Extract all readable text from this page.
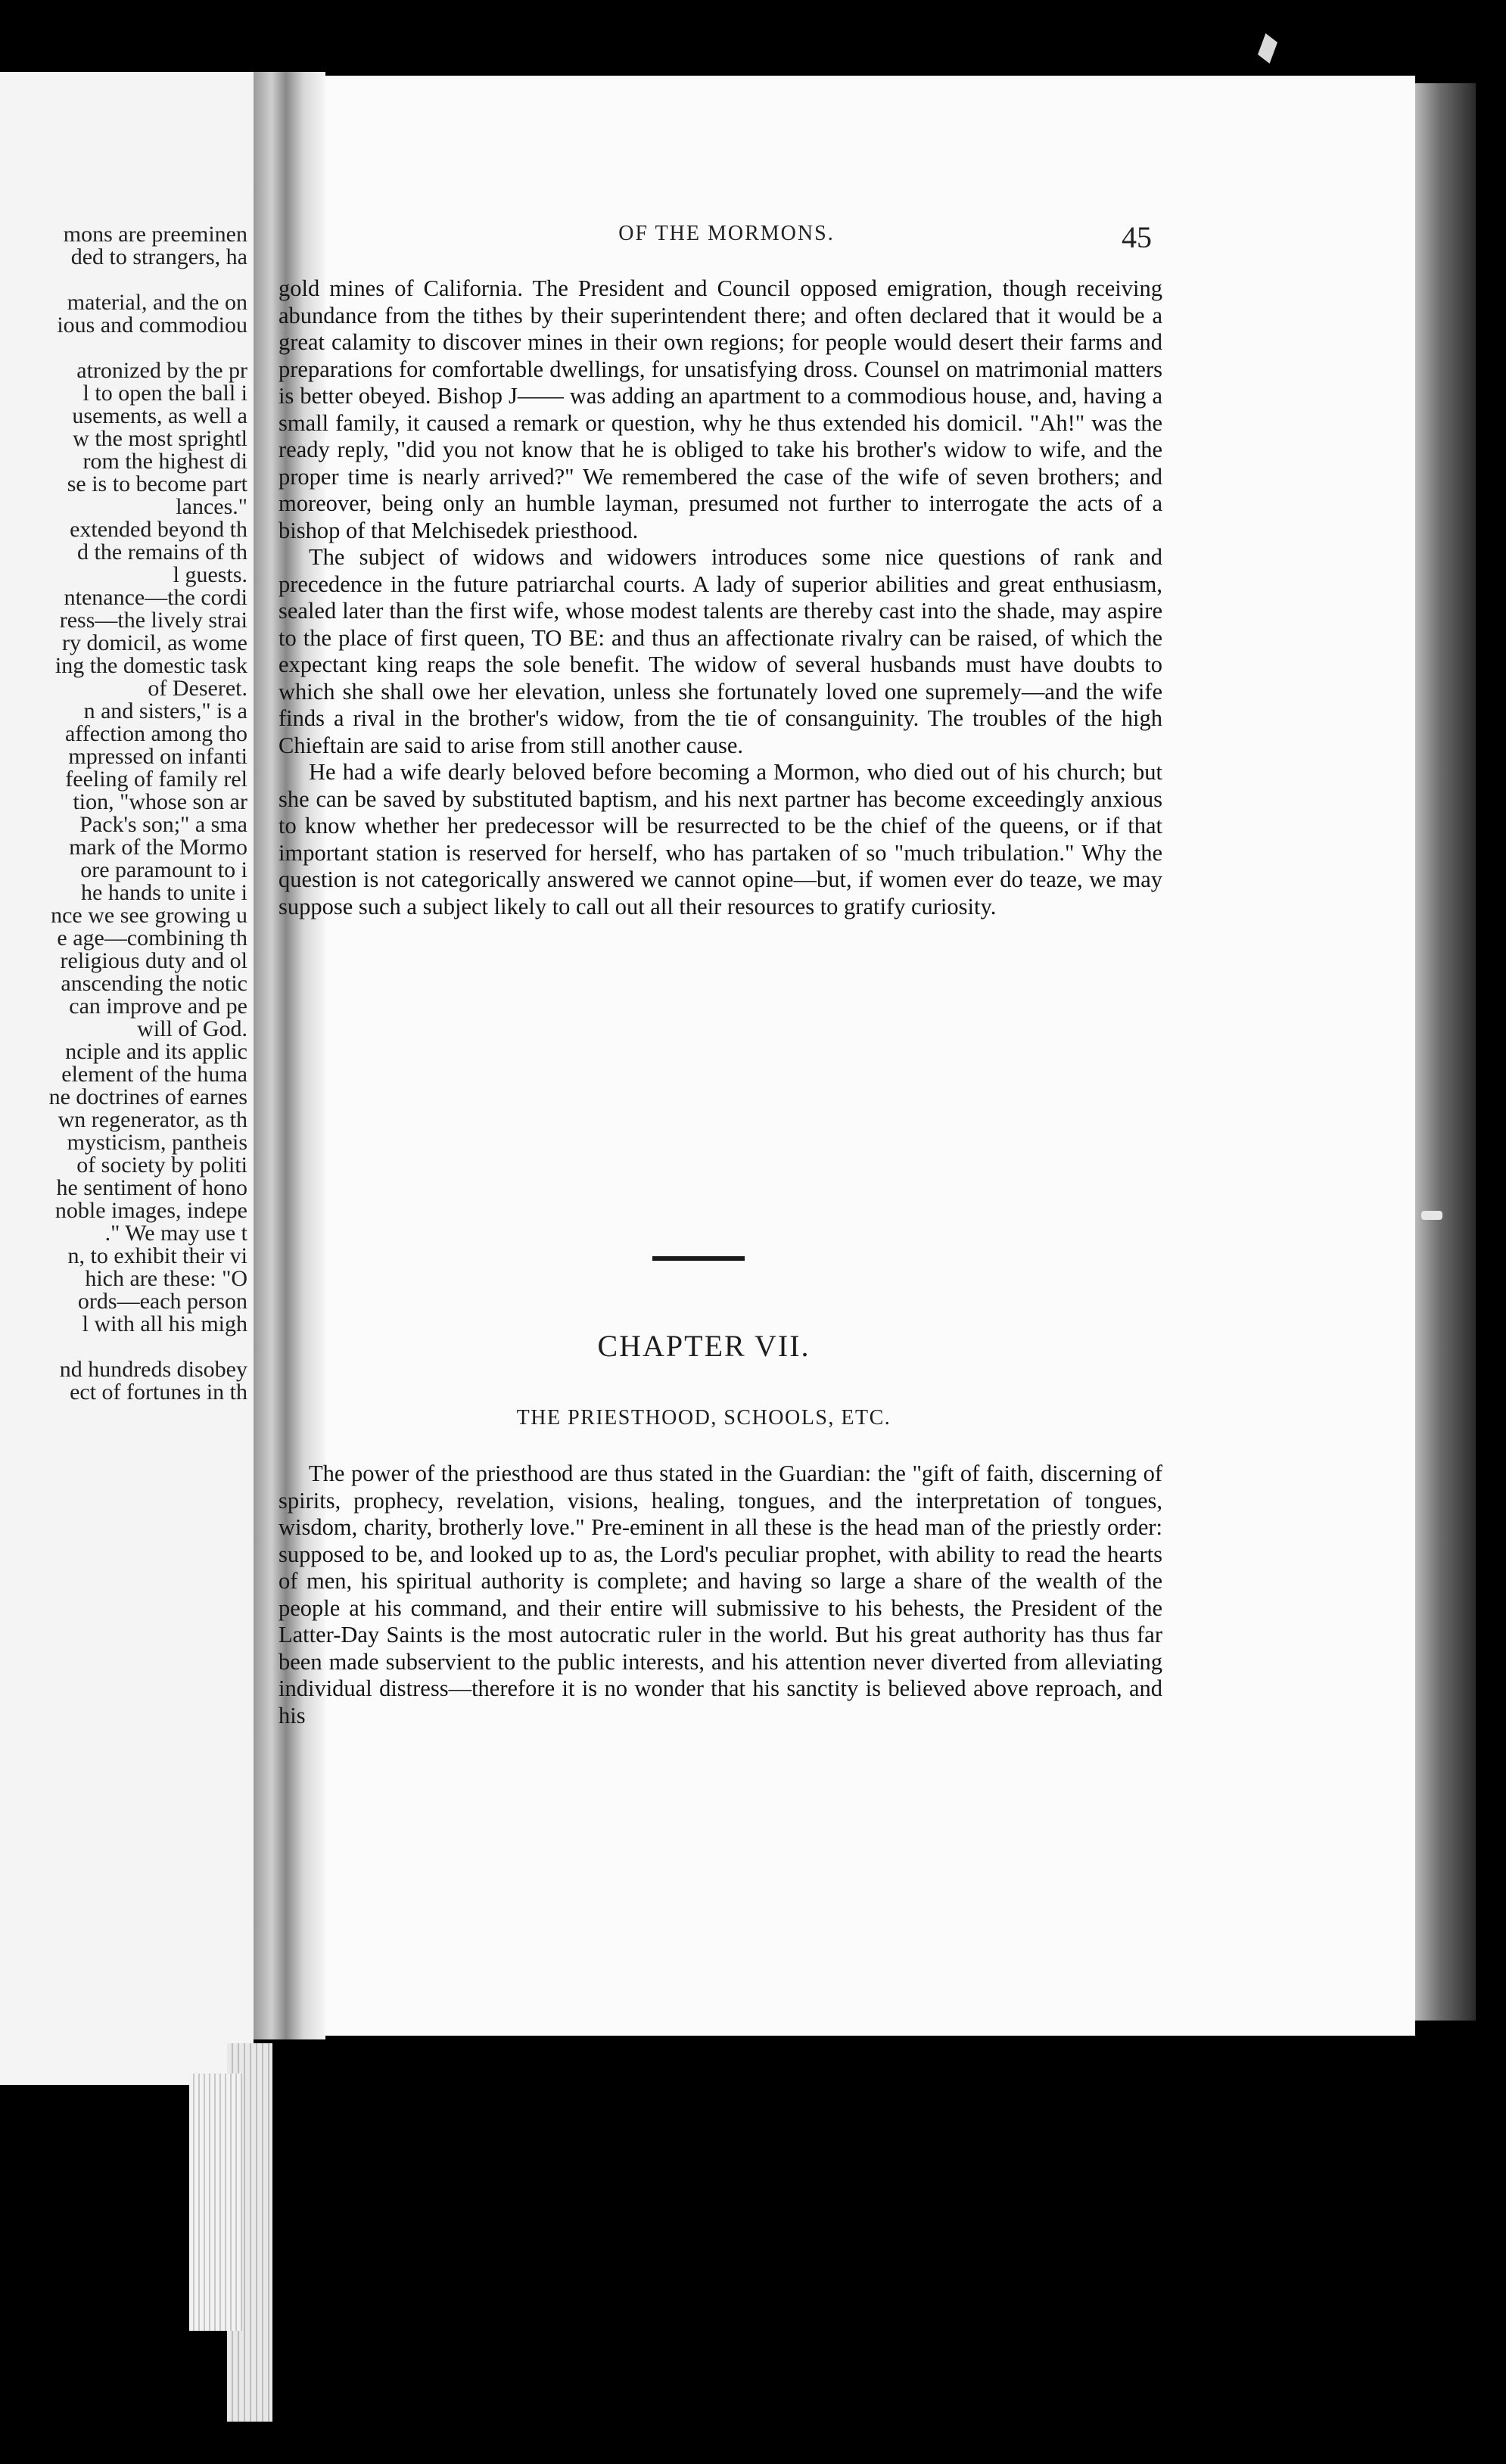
mons are preeminen
ded to strangers, ha
material, and the on
ious and commodiou
atronized by the pr
l to open the ball i
usements, as well a
w the most sprightl
rom the highest di
se is to become part
lances."
extended beyond th
d the remains of th
l guests.
ntenance—the cordi
ress—the lively strai
ry domicil, as wome
ing the domestic task
of Deseret.
n and sisters," is a
affection among tho
mpressed on infanti
feeling of family rel
tion, "whose son ar
Pack's son;" a sma
mark of the Mormo
ore paramount to i
he hands to unite i
nce we see growing u
e age—combining th
religious duty and ol
anscending the notic
can improve and pe
will of God.
nciple and its applic
element of the huma
ne doctrines of earnes
wn regenerator, as th
mysticism, pantheis
of society by politi
he sentiment of hono
noble images, indepe
." We may use t
n, to exhibit their vi
hich are these: "O
ords—each person
l with all his migh
nd hundreds disobey
ect of fortunes in th
OF THE MORMONS.	45

gold mines of California. The President and Council opposed emigration, though receiving abundance from the tithes by their superintendent there; and often declared that it would be a great calamity to discover mines in their own regions; for people would desert their farms and preparations for comfortable dwellings, for unsatisfying dross. Counsel on matrimonial matters is better obeyed. Bishop J—— was adding an apartment to a commodious house, and, having a small family, it caused a remark or question, why he thus extended his domicil. "Ah!" was the ready reply, "did you not know that he is obliged to take his brother's widow to wife, and the proper time is nearly arrived?" We remembered the case of the wife of seven brothers; and moreover, being only an humble layman, presumed not further to interrogate the acts of a bishop of that Melchisedek priesthood.

The subject of widows and widowers introduces some nice questions of rank and precedence in the future patriarchal courts. A lady of superior abilities and great enthusiasm, sealed later than the first wife, whose modest talents are thereby cast into the shade, may aspire to the place of first queen, TO BE: and thus an affectionate rivalry can be raised, of which the expectant king reaps the sole benefit. The widow of several husbands must have doubts to which she shall owe her elevation, unless she fortunately loved one supremely—and the wife finds a rival in the brother's widow, from the tie of consanguinity. The troubles of the high Chieftain are said to arise from still another cause.

He had a wife dearly beloved before becoming a Mormon, who died out of his church; but she can be saved by substituted baptism, and his next partner has become exceedingly anxious to know whether her predecessor will be resurrected to be the chief of the queens, or if that important station is reserved for herself, who has partaken of so "much tribulation." Why the question is not categorically answered we cannot opine—but, if women ever do teaze, we may suppose such a subject likely to call out all their resources to gratify curiosity.

CHAPTER VII.
THE PRIESTHOOD, SCHOOLS, ETC.

The power of the priesthood are thus stated in the Guardian: the "gift of faith, discerning of spirits, prophecy, revelation, visions, healing, tongues, and the interpretation of tongues, wisdom, charity, brotherly love." Pre-eminent in all these is the head man of the priestly order: supposed to be, and looked up to as, the Lord's peculiar prophet, with ability to read the hearts of men, his spiritual authority is complete; and having so large a share of the wealth of the people at his command, and their entire will submissive to his behests, the President of the Latter-Day Saints is the most autocratic ruler in the world. But his great authority has thus far been made subservient to the public interests, and his attention never diverted from alleviating individual distress—therefore it is no wonder that his sanctity is believed above reproach, and his
